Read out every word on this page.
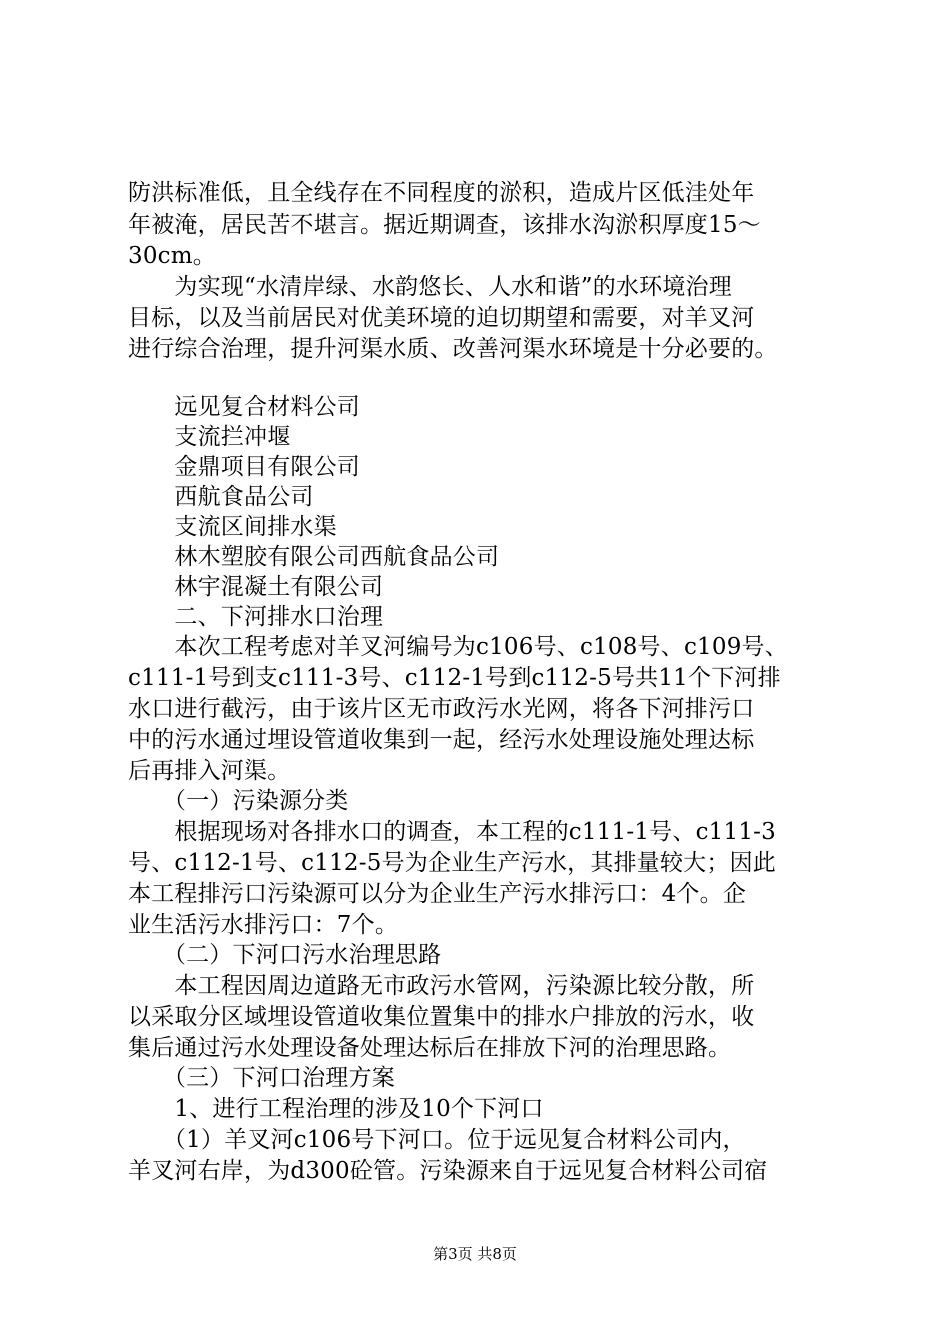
防洪标准低，且全线存在不同程度的淤积，造成片区低洼处年
年被淹，居民苦不堪言。据近期调查，该排水沟淤积厚度15～
30cm。
　　为实现“水清岸绿、水韵悠长、人水和谐”的水环境治理
目标，以及当前居民对优美环境的迫切期望和需要，对羊叉河
进行综合治理，提升河渠水质、改善河渠水环境是十分必要的。
　　远见复合材料公司
　　支流拦冲堰
　　金鼎项目有限公司
　　西航食品公司
　　支流区间排水渠
　　林木塑胶有限公司西航食品公司
　　林宇混凝土有限公司
　　二、下河排水口治理
　　本次工程考虑对羊叉河编号为c106号、c108号、c109号、
c111-1号到支c111-3号、c112-1号到c112-5号共11个下河排
水口进行截污，由于该片区无市政污水光网，将各下河排污口
中的污水通过埋设管道收集到一起，经污水处理设施处理达标
后再排入河渠。
　　（一）污染源分类
　　根据现场对各排水口的调查，本工程的c111-1号、c111-3
号、c112-1号、c112-5号为企业生产污水，其排量较大；因此
本工程排污口污染源可以分为企业生产污水排污口：4个。企
业生活污水排污口：7个。
　　（二）下河口污水治理思路
　　本工程因周边道路无市政污水管网，污染源比较分散，所
以采取分区域埋设管道收集位置集中的排水户排放的污水，收
集后通过污水处理设备处理达标后在排放下河的治理思路。
　　（三）下河口治理方案
　　1、进行工程治理的涉及10个下河口
　　（1）羊叉河c106号下河口。位于远见复合材料公司内，
羊叉河右岸，为d300砼管。污染源来自于远见复合材料公司宿
第3页 共8页
